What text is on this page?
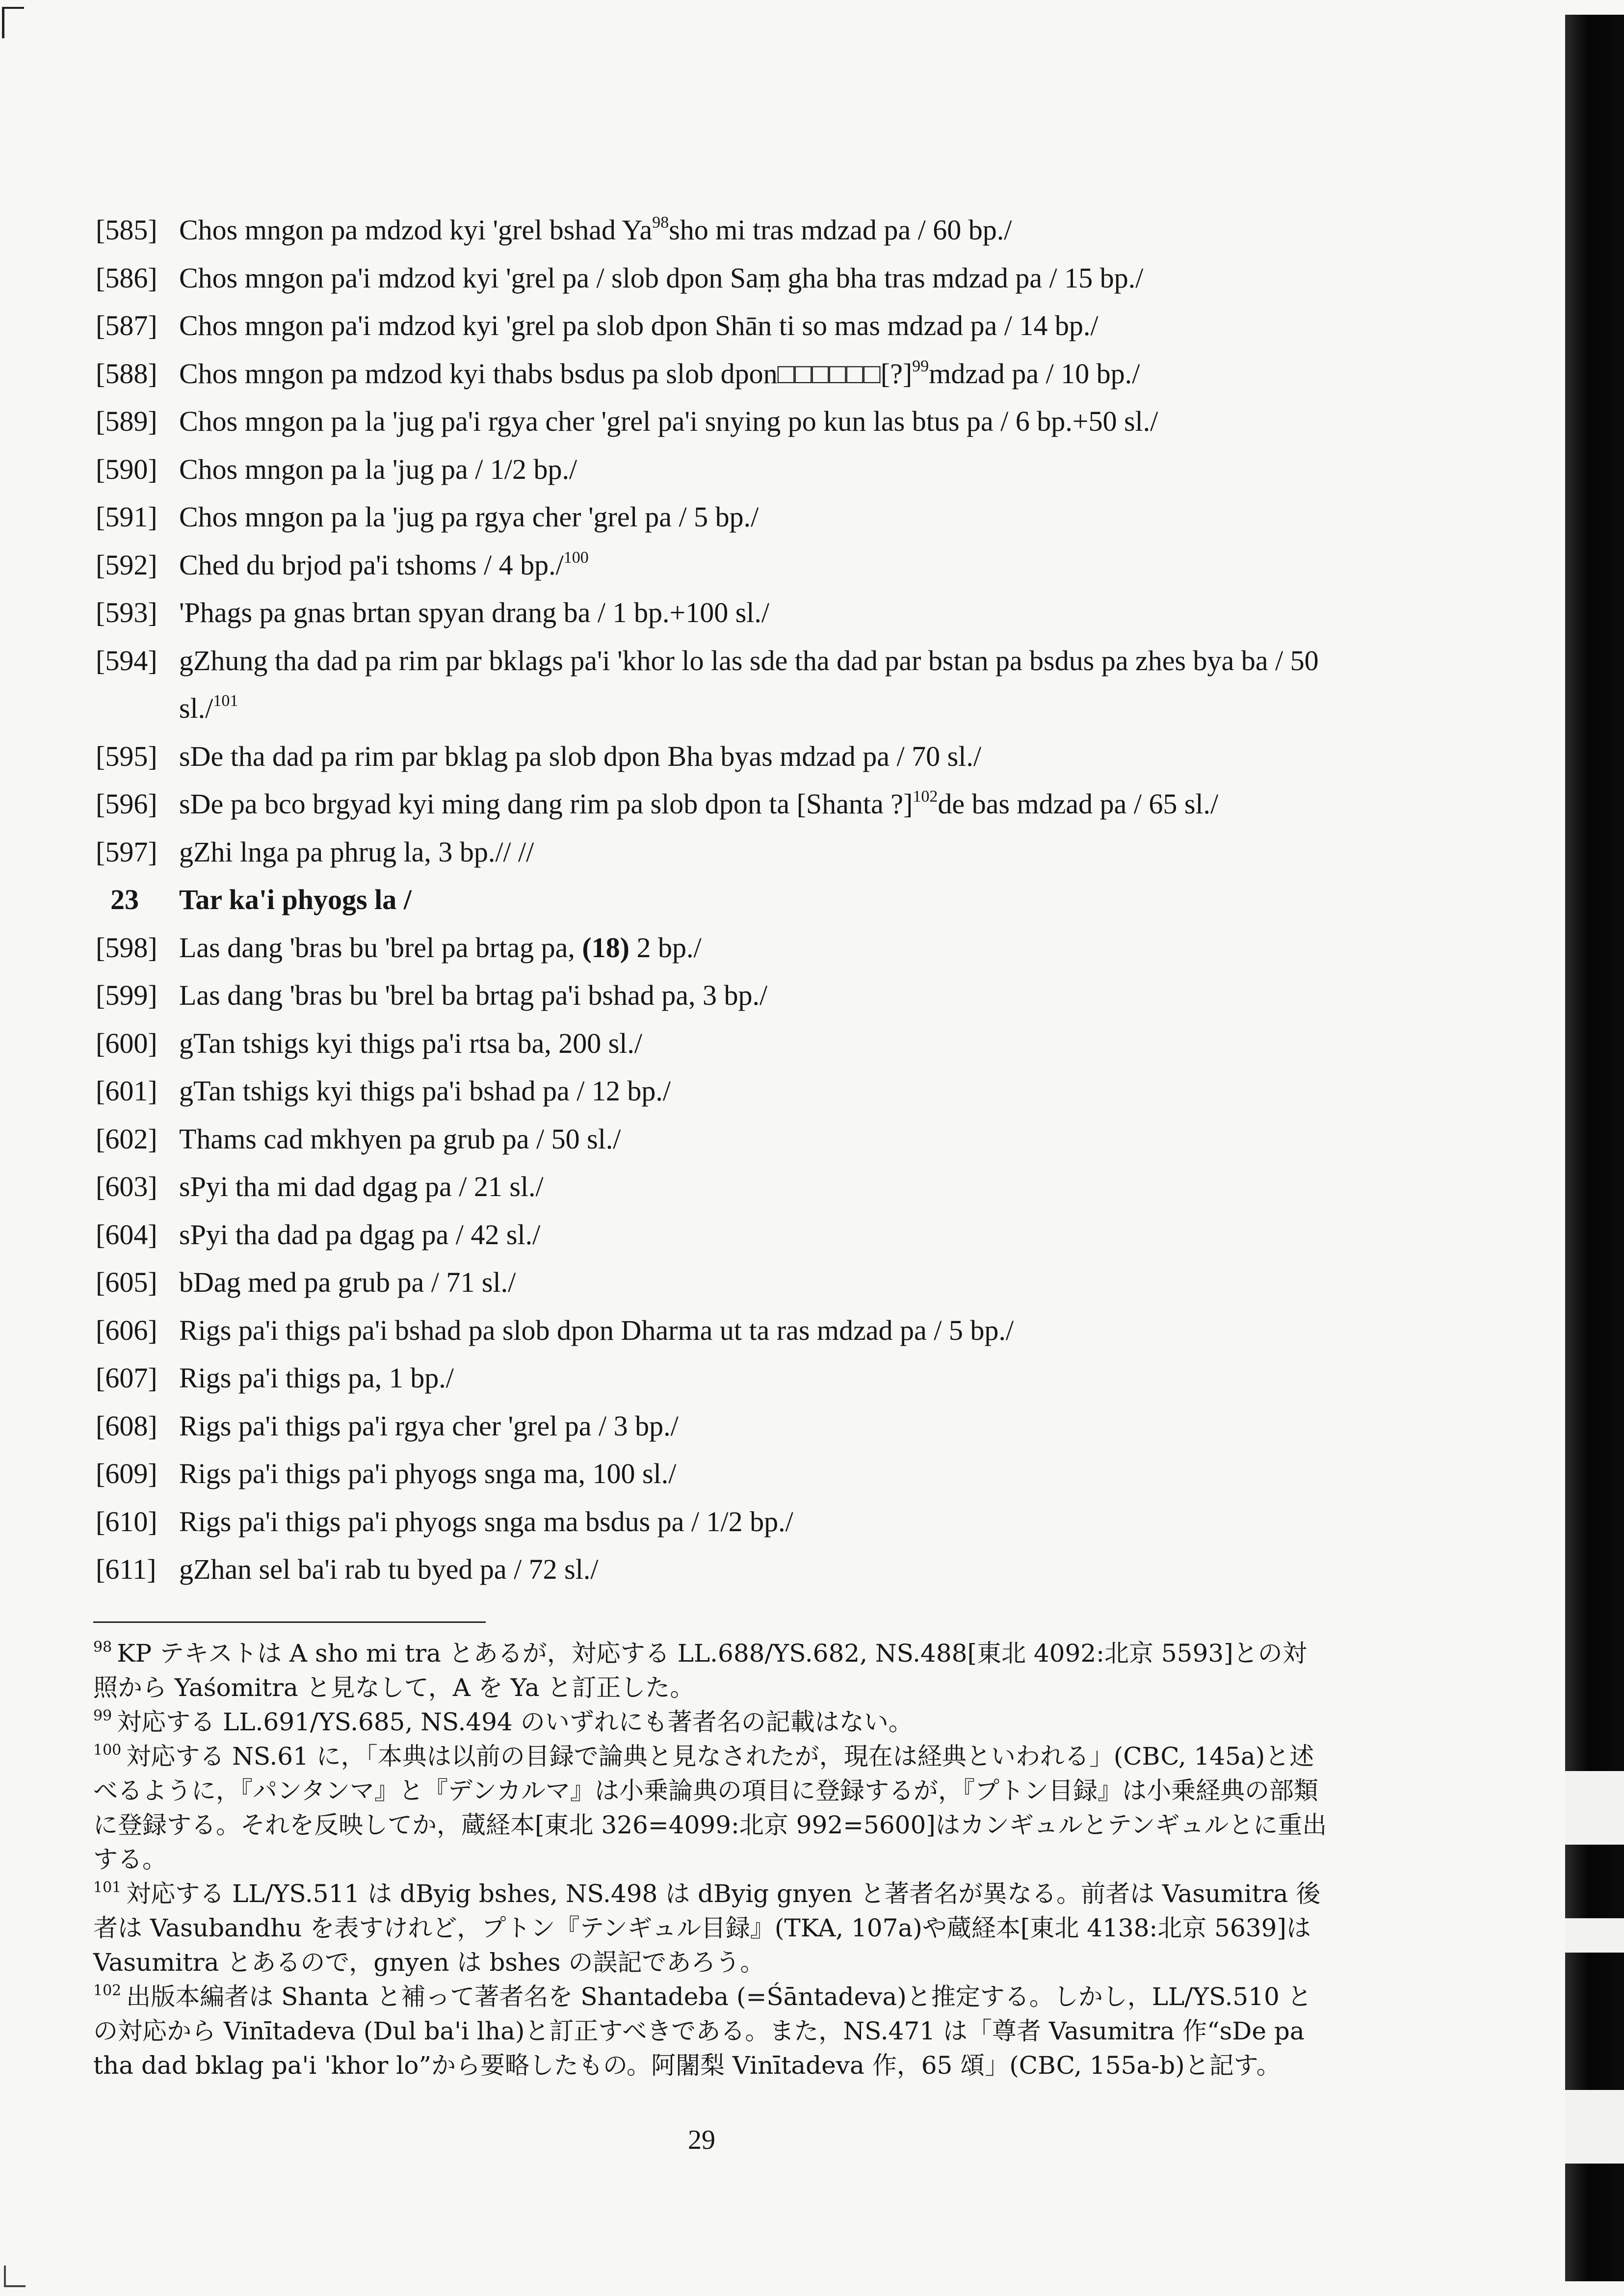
[585] Chos mngon pa mdzod kyi 'grel bshad Ya$^{98}$sho mi tras mdzad pa / 60 bp./
[586] Chos mngon pa'i mdzod kyi 'grel pa / slob dpon Saṃ gha bha tras mdzad pa / 15 bp./
[587] Chos mngon pa'i mdzod kyi 'grel pa slob dpon Shān ti so mas mdzad pa / 14 bp./
[588] Chos mngon pa mdzod kyi thabs bsdus pa slob dpon□□□□□□[?]$^{99}$mdzad pa / 10 bp./
[589] Chos mngon pa la 'jug pa'i rgya cher 'grel pa'i snying po kun las btus pa / 6 bp.+50 sl./
[590] Chos mngon pa la 'jug pa / 1/2 bp./
[591] Chos mngon pa la 'jug pa rgya cher 'grel pa / 5 bp./
[592] Ched du brjod pa'i tshoms / 4 bp./$^{100}$
[593] 'Phags pa gnas brtan spyan drang ba / 1 bp.+100 sl./
[594] gZhung tha dad pa rim par bklags pa'i 'khor lo las sde tha dad par bstan pa bsdus pa zhes bya ba / 50 sl./$^{101}$
[595] sDe tha dad pa rim par bklag pa slob dpon Bha byas mdzad pa / 70 sl./
[596] sDe pa bco brgyad kyi ming dang rim pa slob dpon ta [Shanta ?]$^{102}$de bas mdzad pa / 65 sl./
[597] gZhi lnga pa phrug la, 3 bp.// //
23 Tar ka'i phyogs la /
[598] Las dang 'bras bu 'brel pa brtag pa, (18) 2 bp./
[599] Las dang 'bras bu 'brel ba brtag pa'i bshad pa, 3 bp./
[600] gTan tshigs kyi thigs pa'i rtsa ba, 200 sl./
[601] gTan tshigs kyi thigs pa'i bshad pa / 12 bp./
[602] Thams cad mkhyen pa grub pa / 50 sl./
[603] sPyi tha mi dad dgag pa / 21 sl./
[604] sPyi tha dad pa dgag pa / 42 sl./
[605] bDag med pa grub pa / 71 sl./
[606] Rigs pa'i thigs pa'i bshad pa slob dpon Dharma ut ta ras mdzad pa / 5 bp./
[607] Rigs pa'i thigs pa, 1 bp./
[608] Rigs pa'i thigs pa'i rgya cher 'grel pa / 3 bp./
[609] Rigs pa'i thigs pa'i phyogs snga ma, 100 sl./
[610] Rigs pa'i thigs pa'i phyogs snga ma bsdus pa / 1/2 bp./
[611] gZhan sel ba'i rab tu byed pa / 72 sl./
$^{98}$ KP テキストは A sho mi tra とあるが，対応する LL.688/YS.682, NS.488[東北 4092:北京 5593]との対照から Yaśomitra と見なして，A を Ya と訂正した。
$^{99}$ 対応する LL.691/YS.685, NS.494 のいずれにも著者名の記載はない。
$^{100}$ 対応する NS.61 に，「本典は以前の目録で論典と見なされたが，現在は経典といわれる」(CBC, 145a)と述べるように，『パンタンマ』と『デンカルマ』は小乗論典の項目に登録するが，『プトン目録』は小乗経典の部類に登録する。それを反映してか，蔵経本[東北 326=4099:北京 992=5600]はカンギュルとテンギュルとに重出する。
$^{101}$ 対応する LL/YS.511 は dByig bshes, NS.498 は dByig gnyen と著者名が異なる。前者は Vasumitra 後者は Vasubandhu を表すけれど，プトン『テンギュル目録』(TKA, 107a)や蔵経本[東北 4138:北京 5639]は Vasumitra とあるので，gnyen は bshes の誤記であろう。
$^{102}$ 出版本編者は Shanta と補って著者名を Shantadeba (=Śāntadeva)と推定する。しかし，LL/YS.510 との対応から Vinītadeva (Dul ba'i lha)と訂正すべきである。また，NS.471 は「尊者 Vasumitra 作“sDe pa tha dad bklag pa'i 'khor lo”から要略したもの。阿闍梨 Vinītadeva 作，65 頌」(CBC, 155a-b)と記す。
29
